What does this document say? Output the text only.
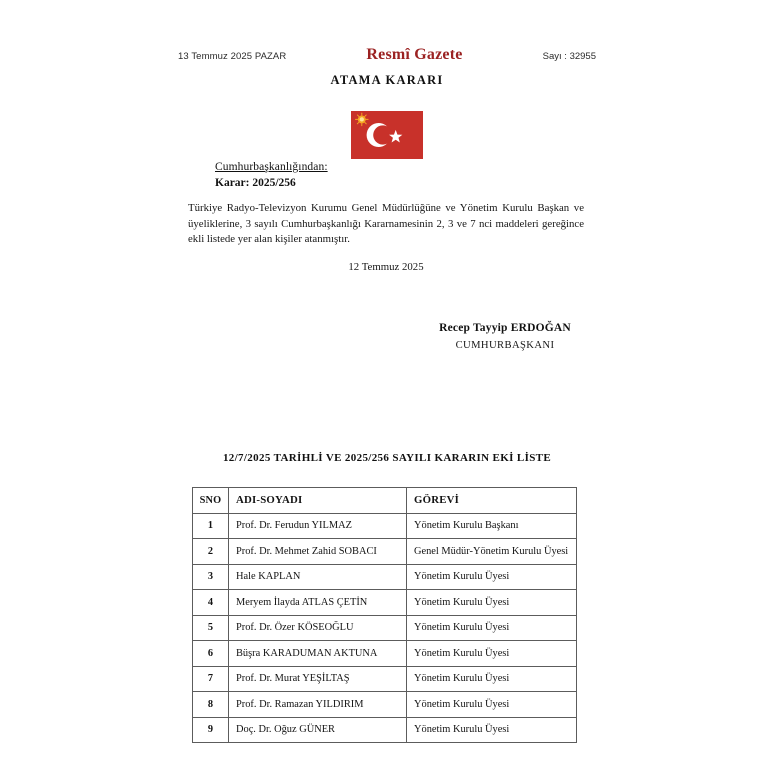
13 Temmuz 2025 PAZAR	Resmî Gazete	Sayı : 32955
ATAMA KARARI
Cumhurbaşkanlığından:
Karar: 2025/256
Türkiye Radyo-Televizyon Kurumu Genel Müdürlüğüne ve Yönetim Kurulu Başkan ve üyeliklerine, 3 sayılı Cumhurbaşkanlığı Kararnamesinin 2, 3 ve 7 nci maddeleri gereğince ekli listede yer alan kişiler atanmıştır.
12 Temmuz 2025
Recep Tayyip ERDOĞAN
CUMHURBAŞKANI
12/7/2025 TARİHLİ VE 2025/256 SAYILI KARARIN EKİ LİSTE
SNO	ADI-SOYADI	GÖREVİ
1	Prof. Dr. Ferudun YILMAZ	Yönetim Kurulu Başkanı
2	Prof. Dr. Mehmet Zahid SOBACI	Genel Müdür-Yönetim Kurulu Üyesi
3	Hale KAPLAN	Yönetim Kurulu Üyesi
4	Meryem İlayda ATLAS ÇETİN	Yönetim Kurulu Üyesi
5	Prof. Dr. Özer KÖSEOĞLU	Yönetim Kurulu Üyesi
6	Büşra KARADUMAN AKTUNA	Yönetim Kurulu Üyesi
7	Prof. Dr. Murat YEŞİLTAŞ	Yönetim Kurulu Üyesi
8	Prof. Dr. Ramazan YILDIRIM	Yönetim Kurulu Üyesi
9	Doç. Dr. Oğuz GÜNER	Yönetim Kurulu Üyesi
